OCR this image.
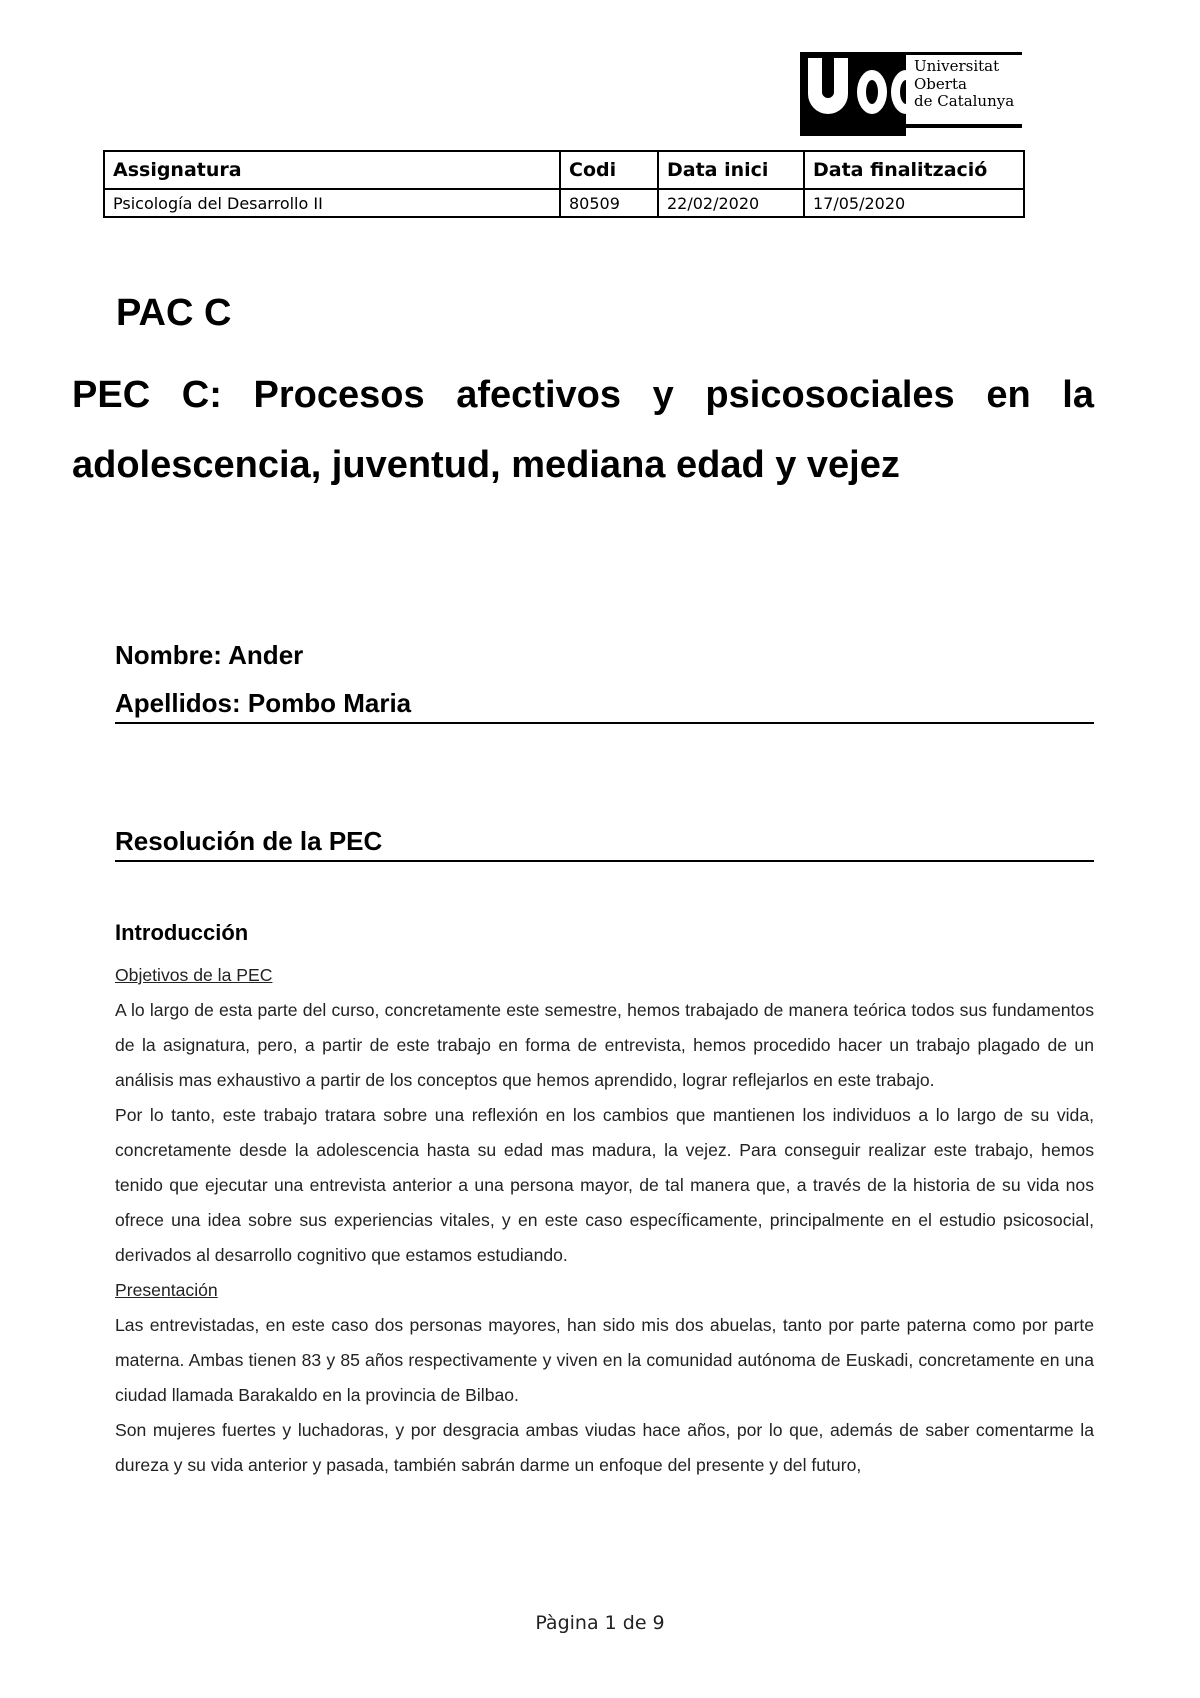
Universitat
Oberta
de Catalunya
Assignatura	Codi	Data inici	Data finalització
Psicología del Desarrollo II	80509	22/02/2020	17/05/2020
PAC C
PEC C: Procesos afectivos y psicosociales en la adolescencia, juventud, mediana edad y vejez
Nombre: Ander
Apellidos: Pombo Maria
Resolución de la PEC
Introducción

Objetivos de la PEC

A lo largo de esta parte del curso, concretamente este semestre, hemos trabajado de manera teórica todos sus fundamentos de la asignatura, pero, a partir de este trabajo en forma de entrevista, hemos procedido hacer un trabajo plagado de un análisis mas exhaustivo a partir de los conceptos que hemos aprendido, lograr reflejarlos en este trabajo.

Por lo tanto, este trabajo tratara sobre una reflexión en los cambios que mantienen los individuos a lo largo de su vida, concretamente desde la adolescencia hasta su edad mas madura, la vejez. Para conseguir realizar este trabajo, hemos tenido que ejecutar una entrevista anterior a una persona mayor, de tal manera que, a través de la historia de su vida nos ofrece una idea sobre sus experiencias vitales, y en este caso específicamente, principalmente en el estudio psicosocial, derivados al desarrollo cognitivo que estamos estudiando.

Presentación

Las entrevistadas, en este caso dos personas mayores, han sido mis dos abuelas, tanto por parte paterna como por parte materna. Ambas tienen 83 y 85 años respectivamente y viven en la comunidad autónoma de Euskadi, concretamente en una ciudad llamada Barakaldo en la provincia de Bilbao.

Son mujeres fuertes y luchadoras, y por desgracia ambas viudas hace años, por lo que, además de saber comentarme la dureza y su vida anterior y pasada, también sabrán darme un enfoque del presente y del futuro,

Pàgina 1 de 9
